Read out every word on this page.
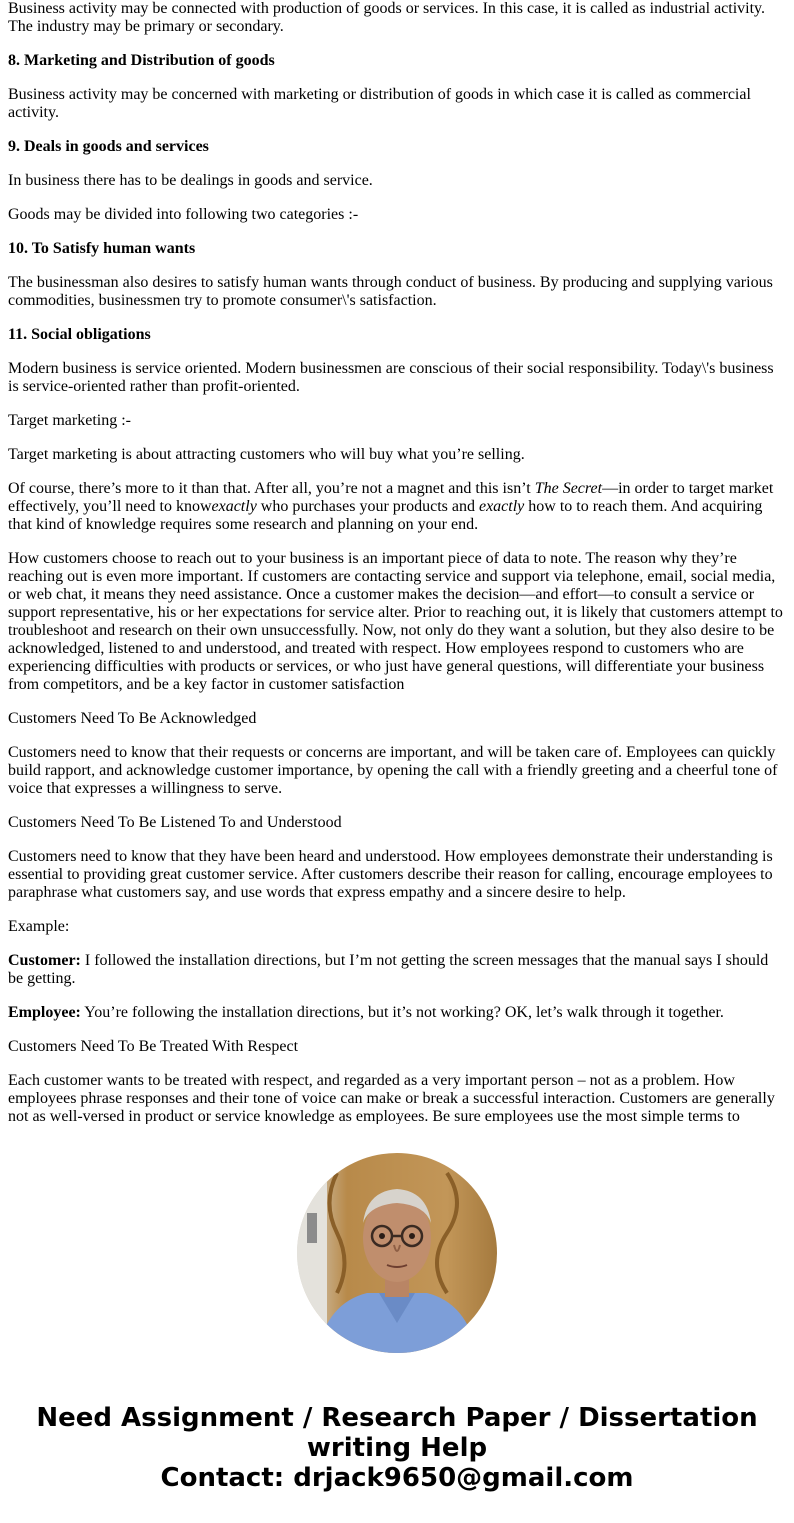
Business activity may be connected with production of goods or services. In this case, it is called as industrial activity. The industry may be primary or secondary.

8. Marketing and Distribution of goods

Business activity may be concerned with marketing or distribution of goods in which case it is called as commercial activity.

9. Deals in goods and services

In business there has to be dealings in goods and service.

Goods may be divided into following two categories :-

10. To Satisfy human wants

The businessman also desires to satisfy human wants through conduct of business. By producing and supplying various commodities, businessmen try to promote consumer\'s satisfaction.

11. Social obligations

Modern business is service oriented. Modern businessmen are conscious of their social responsibility. Today\'s business is service-oriented rather than profit-oriented.

Target marketing :-

Target marketing is about attracting customers who will buy what you’re selling.

Of course, there’s more to it than that. After all, you’re not a magnet and this isn’t The Secret—in order to target market effectively, you’ll need to knowexactly who purchases your products and exactly how to to reach them. And acquiring that kind of knowledge requires some research and planning on your end.

How customers choose to reach out to your business is an important piece of data to note. The reason why they’re reaching out is even more important. If customers are contacting service and support via telephone, email, social media, or web chat, it means they need assistance. Once a customer makes the decision—and effort—to consult a service or support representative, his or her expectations for service alter. Prior to reaching out, it is likely that customers attempt to troubleshoot and research on their own unsuccessfully. Now, not only do they want a solution, but they also desire to be acknowledged, listened to and understood, and treated with respect. How employees respond to customers who are experiencing difficulties with products or services, or who just have general questions, will differentiate your business from competitors, and be a key factor in customer satisfaction

Customers Need To Be Acknowledged

Customers need to know that their requests or concerns are important, and will be taken care of. Employees can quickly build rapport, and acknowledge customer importance, by opening the call with a friendly greeting and a cheerful tone of voice that expresses a willingness to serve.

Customers Need To Be Listened To and Understood

Customers need to know that they have been heard and understood. How employees demonstrate their understanding is essential to providing great customer service. After customers describe their reason for calling, encourage employees to paraphrase what customers say, and use words that express empathy and a sincere desire to help.

Example:

Customer: I followed the installation directions, but I’m not getting the screen messages that the manual says I should be getting.

Employee: You’re following the installation directions, but it’s not working? OK, let’s walk through it together.

Customers Need To Be Treated With Respect

Each customer wants to be treated with respect, and regarded as a very important person – not as a problem. How employees phrase responses and their tone of voice can make or break a successful interaction. Customers are generally not as well-versed in product or service knowledge as employees. Be sure employees use the most simple terms to

Need Assignment / Research Paper / Dissertation
writing Help
Contact: drjack9650@gmail.com
